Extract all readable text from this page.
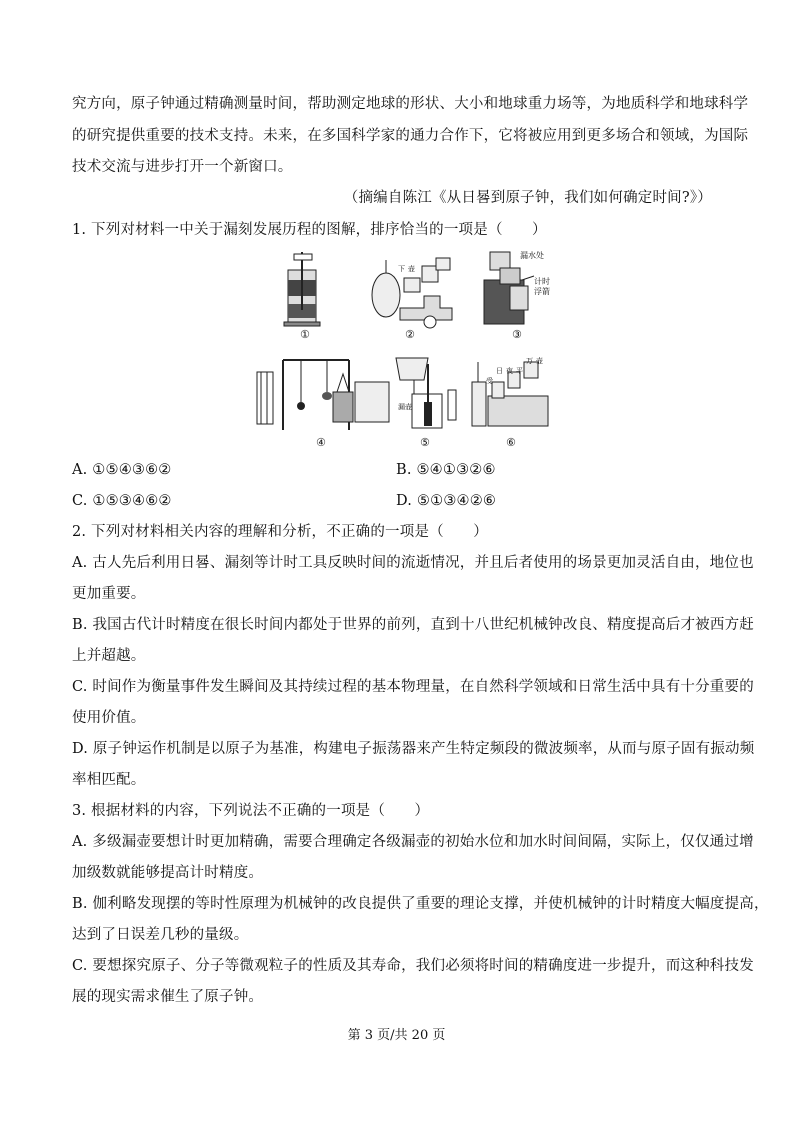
究方向，原子钟通过精确测量时间，帮助测定地球的形状、大小和地球重力场等，为地质科学和地球科学
的研究提供重要的技术支持。未来，在多国科学家的通力合作下，它将被应用到更多场合和领域，为国际
技术交流与进步打开一个新窗口。
（摘编自陈江《从日晷到原子钟，我们如何确定时间?》）
1. 下列对材料一中关于漏刻发展历程的图解，排序恰当的一项是（　　）
①	②
漏水处
计时
浮箭
③
④
漏壶
⑤
日 夜 平
万
受
壶
⑥
下 壶
A. ①⑤④③⑥②	B. ⑤④①③②⑥
C. ①⑤③④⑥②	D. ⑤①③④②⑥
2. 下列对材料相关内容的理解和分析，不正确的一项是（　　）
A. 古人先后利用日晷、漏刻等计时工具反映时间的流逝情况，并且后者使用的场景更加灵活自由，地位也
更加重要。
B. 我国古代计时精度在很长时间内都处于世界的前列，直到十八世纪机械钟改良、精度提高后才被西方赶
上并超越。
C. 时间作为衡量事件发生瞬间及其持续过程的基本物理量，在自然科学领域和日常生活中具有十分重要的
使用价值。
D. 原子钟运作机制是以原子为基准，构建电子振荡器来产生特定频段的微波频率，从而与原子固有振动频
率相匹配。
3. 根据材料的内容，下列说法不正确的一项是（　　）
A. 多级漏壶要想计时更加精确，需要合理确定各级漏壶的初始水位和加水时间间隔，实际上，仅仅通过增
加级数就能够提高计时精度。
B. 伽利略发现摆的等时性原理为机械钟的改良提供了重要的理论支撑，并使机械钟的计时精度大幅度提高，
达到了日误差几秒的量级。
C. 要想探究原子、分子等微观粒子的性质及其寿命，我们必须将时间的精确度进一步提升，而这种科技发
展的现实需求催生了原子钟。
第 3 页/共 20 页
